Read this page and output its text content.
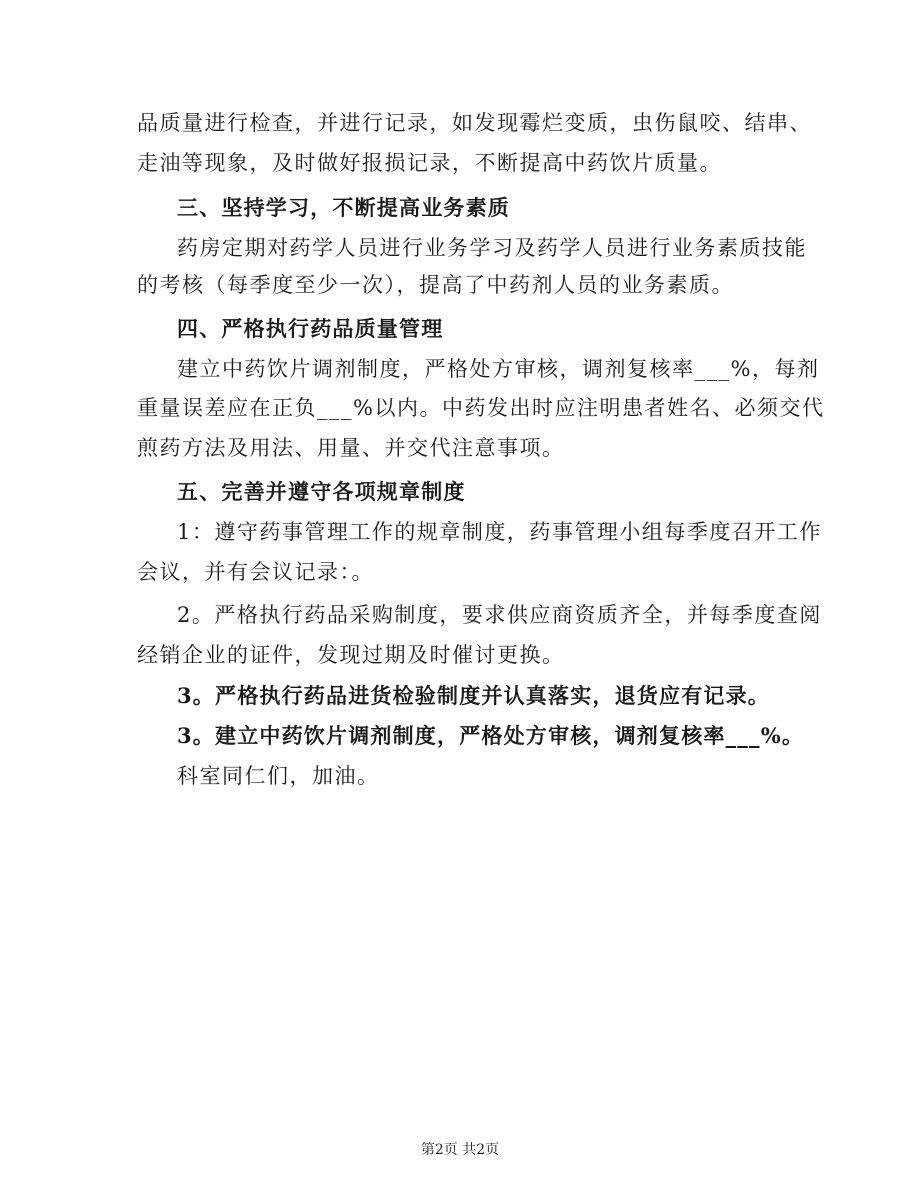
品质量进行检查，并进行记录，如发现霉烂变质，虫伤鼠咬、结串、
走油等现象，及时做好报损记录，不断提高中药饮片质量。
三、坚持学习，不断提高业务素质
药房定期对药学人员进行业务学习及药学人员进行业务素质技能
的考核（每季度至少一次），提高了中药剂人员的业务素质。
四、严格执行药品质量管理
建立中药饮片调剂制度，严格处方审核，调剂复核率___%，每剂
重量误差应在正负___%以内。中药发出时应注明患者姓名、必须交代
煎药方法及用法、用量、并交代注意事项。
五、完善并遵守各项规章制度
1：遵守药事管理工作的规章制度，药事管理小组每季度召开工作
会议，并有会议记录：。
2。严格执行药品采购制度，要求供应商资质齐全，并每季度查阅
经销企业的证件，发现过期及时催讨更换。
3。严格执行药品进货检验制度并认真落实，退货应有记录。
3。建立中药饮片调剂制度，严格处方审核，调剂复核率___%。
科室同仁们，加油。
第2页 共2页
